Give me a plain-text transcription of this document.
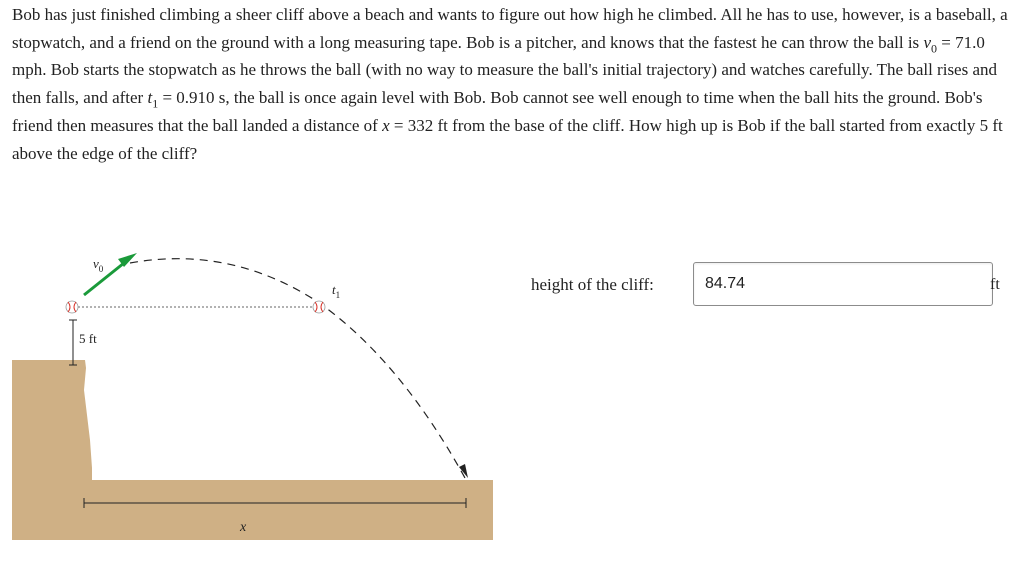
Bob has just finished climbing a sheer cliff above a beach and wants to figure out how high he climbed. All he has to use, however, is a baseball, a stopwatch, and a friend on the ground with a long measuring tape. Bob is a pitcher, and knows that the fastest he can throw the ball is $v_0 = 71.0$ mph. Bob starts the stopwatch as he throws the ball (with no way to measure the ball's initial trajectory) and watches carefully. The ball rises and then falls, and after $t_1 = 0.910$ s, the ball is once again level with Bob. Bob cannot see well enough to time when the ball hits the ground. Bob's friend then measures that the ball landed a distance of x = 332 ft from the base of the cliff. How high up is Bob if the ball started from exactly 5 ft above the edge of the cliff?

5 ft
$v_0$
$t_1$
x
height of the cliff:
84.74	ft
